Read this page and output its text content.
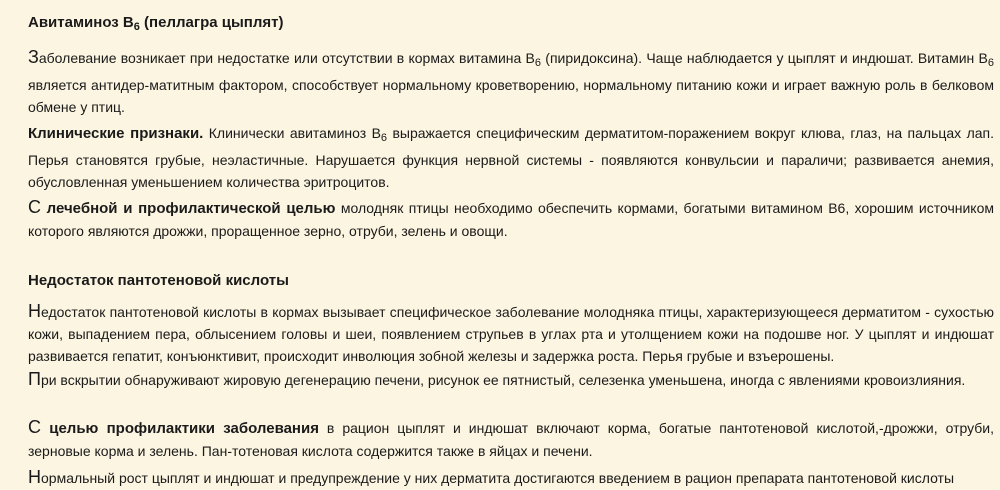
Авитаминоз $В_6$ (пеллагра цыплят)
Заболевание возникает при недостатке или отсутствии в кормах витамина $В_6$ (пиридоксина). Чаще наблюдается у цыплят и индюшат. Витамин $В_6$ является антидер-матитным фактором, способствует нормальному кроветворению, нормальному питанию кожи и играет важную роль в белковом обмене у птиц.
Клинические признаки. Клинически авитаминоз $В_6$ выражается специфическим дерматитом-поражением вокруг клюва, глаз, на пальцах лап. Перья становятся грубые, неэластичные. Нарушается функция нервной системы - появляются конвульсии и параличи; развивается анемия, обусловленная уменьшением количества эритроцитов.
С лечебной и профилактической целью молодняк птицы необходимо обеспечить кормами, богатыми витамином В6, хорошим источником которого являются дрожжи, проращенное зерно, отруби, зелень и овощи.
Недостаток пантотеновой кислоты
Недостаток пантотеновой кислоты в кормах вызывает специфическое заболевание молодняка птицы, характеризующееся дерматитом - сухостью кожи, выпадением пера, облысением головы и шеи, появлением струпьев в углах рта и утолщением кожи на подошве ног. У цыплят и индюшат развивается гепатит, конъюнктивит, происходит инволюция зобной железы и задержка роста. Перья грубые и взъерошены.
При вскрытии обнаруживают жировую дегенерацию печени, рисунок ее пятнистый, селезенка уменьшена, иногда с явлениями кровоизлияния.
С целью профилактики заболевания в рацион цыплят и индюшат включают корма, богатые пантотеновой кислотой,-дрожжи, отруби, зерновые корма и зелень. Пан-тотеновая кислота содержится также в яйцах и печени.
Нормальный рост цыплят и индюшат и предупреждение у них дерматита достигаются введением в рацион препарата пантотеновой кислоты
